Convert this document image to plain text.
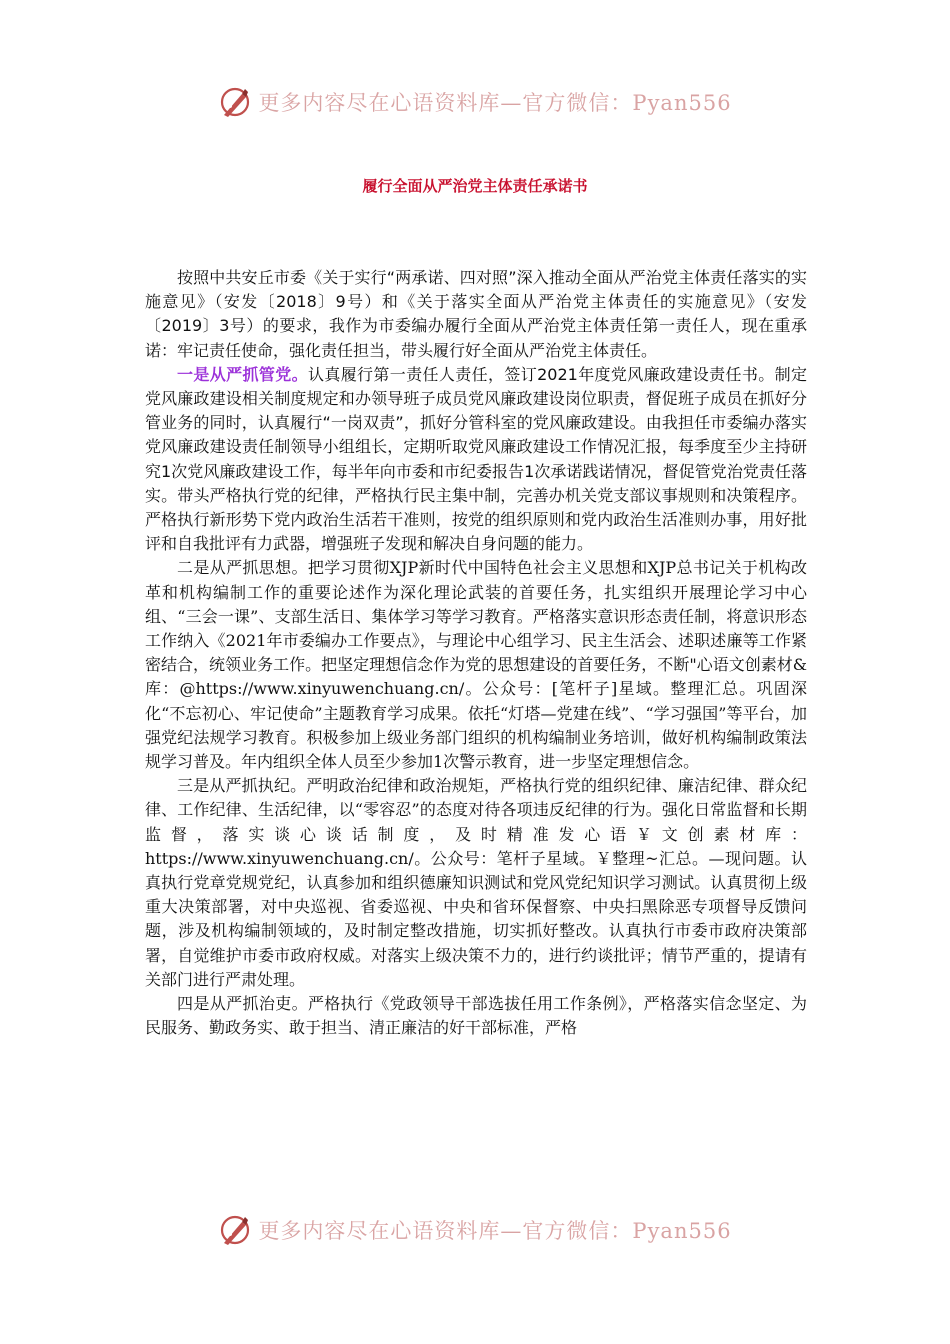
更多内容尽在心语资料库—官方微信：Pyan556
履行全面从严治党主体责任承诺书

按照中共安丘市委《关于实行“两承诺、四对照”深入推动全面从严治党主体责任落实的实施意见》（安发〔2018〕9号）和《关于落实全面从严治党主体责任的实施意见》（安发〔2019〕3号）的要求，我作为市委编办履行全面从严治党主体责任第一责任人，现在重承诺：牢记责任使命，强化责任担当，带头履行好全面从严治党主体责任。

一是从严抓管党。认真履行第一责任人责任，签订2021年度党风廉政建设责任书。制定党风廉政建设相关制度规定和办领导班子成员党风廉政建设岗位职责，督促班子成员在抓好分管业务的同时，认真履行“一岗双责”，抓好分管科室的党风廉政建设。由我担任市委编办落实党风廉政建设责任制领导小组组长，定期听取党风廉政建设工作情况汇报，每季度至少主持研究1次党风廉政建设工作，每半年向市委和市纪委报告1次承诺践诺情况，督促管党治党责任落实。带头严格执行党的纪律，严格执行民主集中制，完善办机关党支部议事规则和决策程序。严格执行新形势下党内政治生活若干准则，按党的组织原则和党内政治生活准则办事，用好批评和自我批评有力武器，增强班子发现和解决自身问题的能力。

二是从严抓思想。把学习贯彻XJP新时代中国特色社会主义思想和XJP总书记关于机构改革和机构编制工作的重要论述作为深化理论武装的首要任务，扎实组织开展理论学习中心组、“三会一课”、支部生活日、集体学习等学习教育。严格落实意识形态责任制，将意识形态工作纳入《2021年市委编办工作要点》，与理论中心组学习、民主生活会、述职述廉等工作紧密结合，统领业务工作。把坚定理想信念作为党的思想建设的首要任务，不断"心语文创素材&库：@https://www.xinyuwenchuang.cn/。公众号：[笔杆子]星域。整理汇总。巩固深化“不忘初心、牢记使命”主题教育学习成果。依托“灯塔—党建在线”、“学习强国”等平台，加强党纪法规学习教育。积极参加上级业务部门组织的机构编制业务培训，做好机构编制政策法规学习普及。年内组织全体人员至少参加1次警示教育，进一步坚定理想信念。

三是从严抓执纪。严明政治纪律和政治规矩，严格执行党的组织纪律、廉洁纪律、群众纪律、工作纪律、生活纪律，以“零容忍”的态度对待各项违反纪律的行为。强化日常监督和长期监督，落实谈心谈话制度，及时精准发心语￥文创素材库：https://www.xinyuwenchuang.cn/。公众号：笔杆子星域。￥整理~汇总。—现问题。认真执行党章党规党纪，认真参加和组织德廉知识测试和党风党纪知识学习测试。认真贯彻上级重大决策部署，对中央巡视、省委巡视、中央和省环保督察、中央扫黑除恶专项督导反馈问题，涉及机构编制领域的，及时制定整改措施，切实抓好整改。认真执行市委市政府决策部署，自觉维护市委市政府权威。对落实上级决策不力的，进行约谈批评；情节严重的，提请有关部门进行严肃处理。

四是从严抓治吏。严格执行《党政领导干部选拔任用工作条例》，严格落实信念坚定、为民服务、勤政务实、敢于担当、清正廉洁的好干部标准，严格

更多内容尽在心语资料库—官方微信：Pyan556
